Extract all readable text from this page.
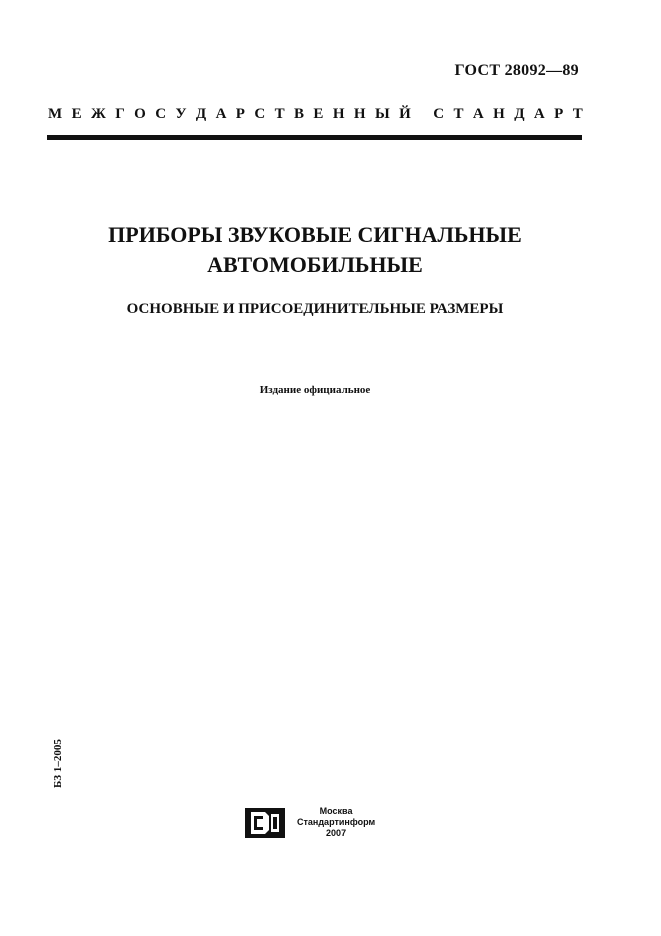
ГОСТ 28092—89
М Е Ж Г О С У Д А Р С Т В Е Н Н Ы Й
С Т А Н Д А Р Т
ПРИБОРЫ ЗВУКОВЫЕ СИГНАЛЬНЫЕ
АВТОМОБИЛЬНЫЕ
ОСНОВНЫЕ И ПРИСОЕДИНИТЕЛЬНЫЕ РАЗМЕРЫ
Издание официальное
БЗ 1–2005
Москва
Стандартинформ
2007
